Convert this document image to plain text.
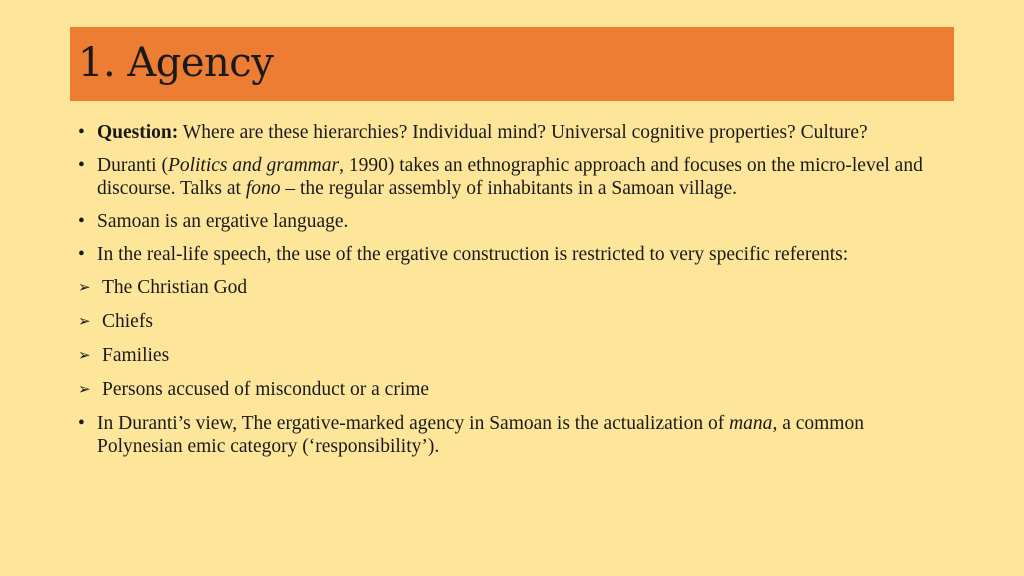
1. Agency
• Question: Where are these hierarchies? Individual mind? Universal cognitive properties? Culture?
• Duranti (Politics and grammar, 1990) takes an ethnographic approach and focuses on the micro-level and discourse. Talks at fono – the regular assembly of inhabitants in a Samoan village.
• Samoan is an ergative language.
• In the real-life speech, the use of the ergative construction is restricted to very specific referents:
➢ The Christian God
➢ Chiefs
➢ Families
➢ Persons accused of misconduct or a crime
• In Duranti’s view, The ergative-marked agency in Samoan is the actualization of mana, a common Polynesian emic category (‘responsibility’).
